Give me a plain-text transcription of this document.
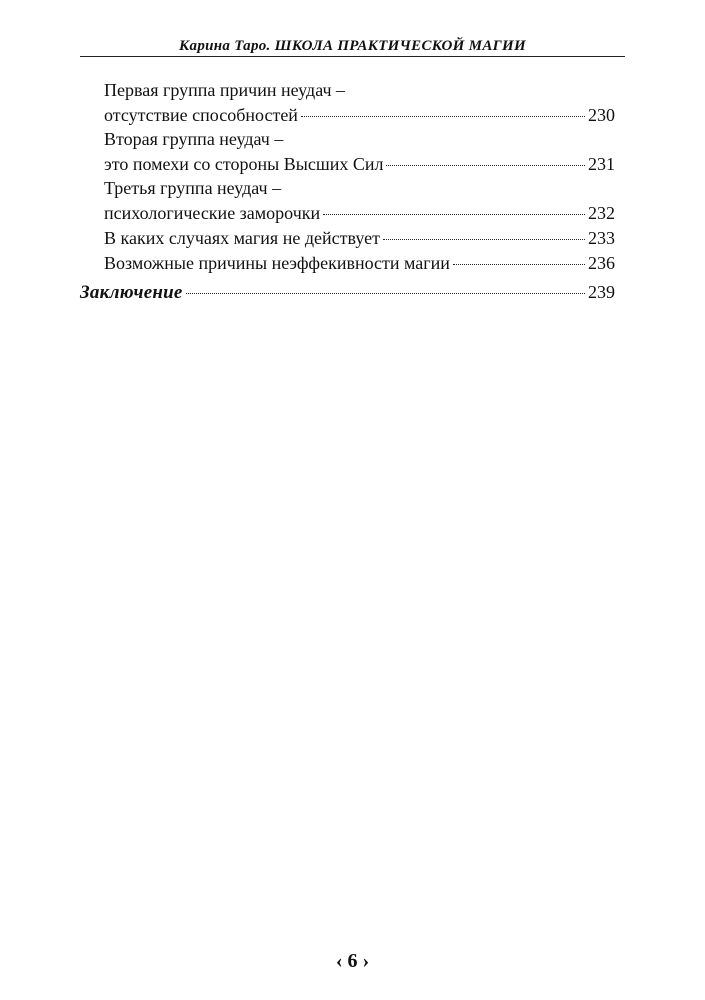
Карина Таро. ШКОЛА ПРАКТИЧЕСКОЙ МАГИИ
Первая группа причин неудач –
отсутствие способностей	230
Вторая группа неудач –
это помехи со стороны Высших Сил	231
Третья группа неудач –
психологические заморочки	232
В каких случаях магия не действует	233
Возможные причины неэффекивности магии	236
Заключение	239
‹ 6 ›
